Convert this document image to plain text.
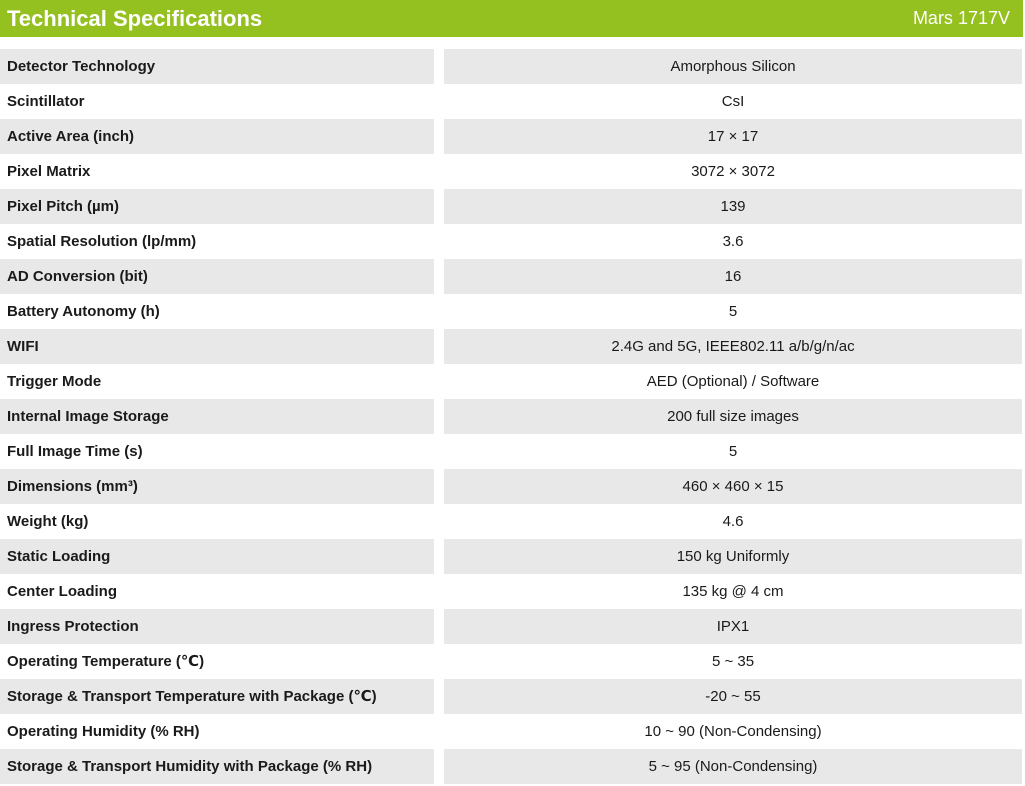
Technical Specifications	Mars 1717V
Detector Technology	Amorphous Silicon
Scintillator	CsI
Active Area (inch)	17 × 17
Pixel Matrix	3072 × 3072
Pixel Pitch (µm)	139
Spatial Resolution (lp/mm)	3.6
AD Conversion (bit)	16
Battery Autonomy (h)	5
WIFI	2.4G and 5G, IEEE802.11 a/b/g/n/ac
Trigger Mode	AED (Optional) / Software
Internal Image Storage	200 full size images
Full Image Time (s)	5
Dimensions (mm³)	460 × 460 × 15
Weight (kg)	4.6
Static Loading	150 kg Uniformly
Center Loading	135 kg @ 4 cm
Ingress Protection	IPX1
Operating Temperature (℃)	5 ~ 35
Storage & Transport Temperature with Package (℃)	-20 ~ 55
Operating Humidity (% RH)	10 ~ 90 (Non-Condensing)
Storage & Transport Humidity with Package (% RH)	5 ~ 95 (Non-Condensing)
